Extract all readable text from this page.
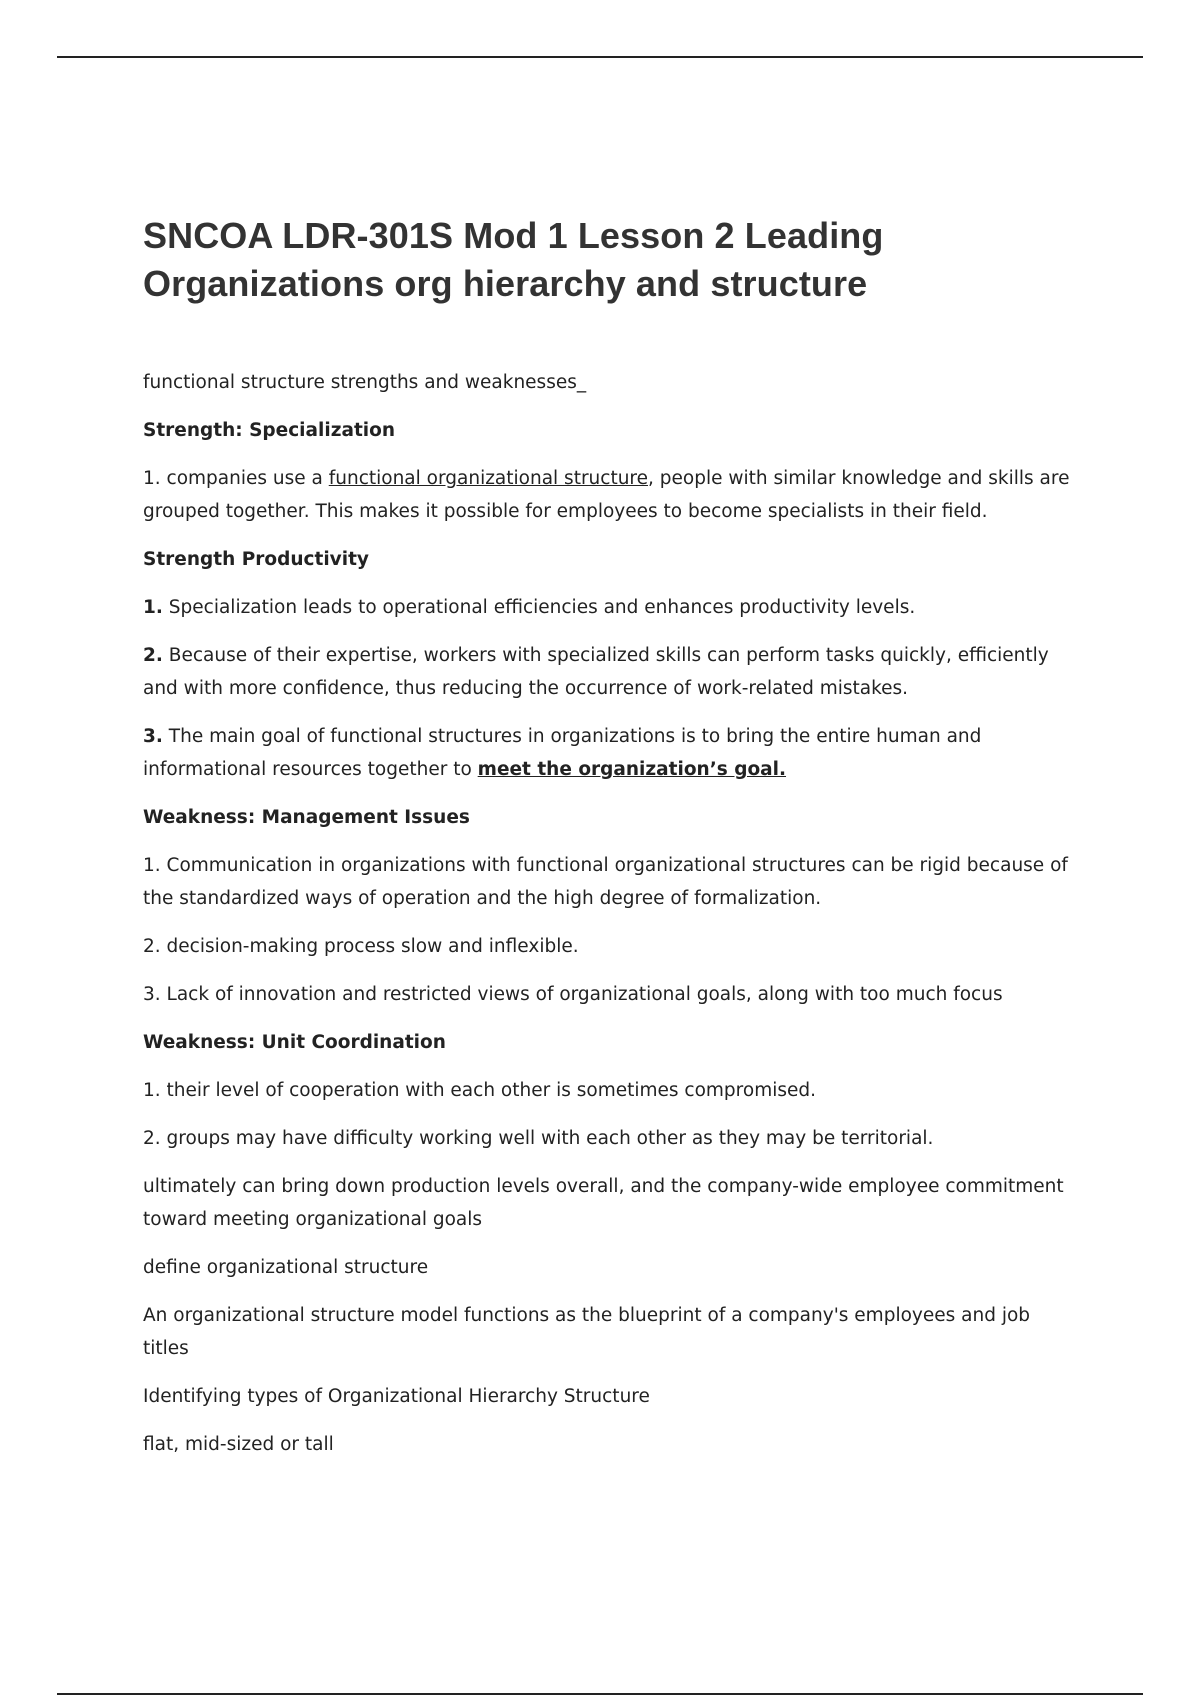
SNCOA LDR-301S Mod 1 Lesson 2 Leading
Organizations org hierarchy and structure

functional structure strengths and weaknesses_

Strength: Specialization

1. companies use a functional organizational structure, people with similar knowledge and skills are grouped together. This makes it possible for employees to become specialists in their field.

Strength Productivity

1. Specialization leads to operational efficiencies and enhances productivity levels.

2. Because of their expertise, workers with specialized skills can perform tasks quickly, efficiently and with more confidence, thus reducing the occurrence of work-related mistakes.

3. The main goal of functional structures in organizations is to bring the entire human and informational resources together to meet the organization’s goal.

Weakness: Management Issues

1. Communication in organizations with functional organizational structures can be rigid because of the standardized ways of operation and the high degree of formalization.

2. decision-making process slow and inflexible.

3. Lack of innovation and restricted views of organizational goals, along with too much focus

Weakness: Unit Coordination

1. their level of cooperation with each other is sometimes compromised.

2. groups may have difficulty working well with each other as they may be territorial.

ultimately can bring down production levels overall, and the company-wide employee commitment toward meeting organizational goals

define organizational structure

An organizational structure model functions as the blueprint of a company's employees and job titles

Identifying types of Organizational Hierarchy Structure

flat, mid-sized or tall
